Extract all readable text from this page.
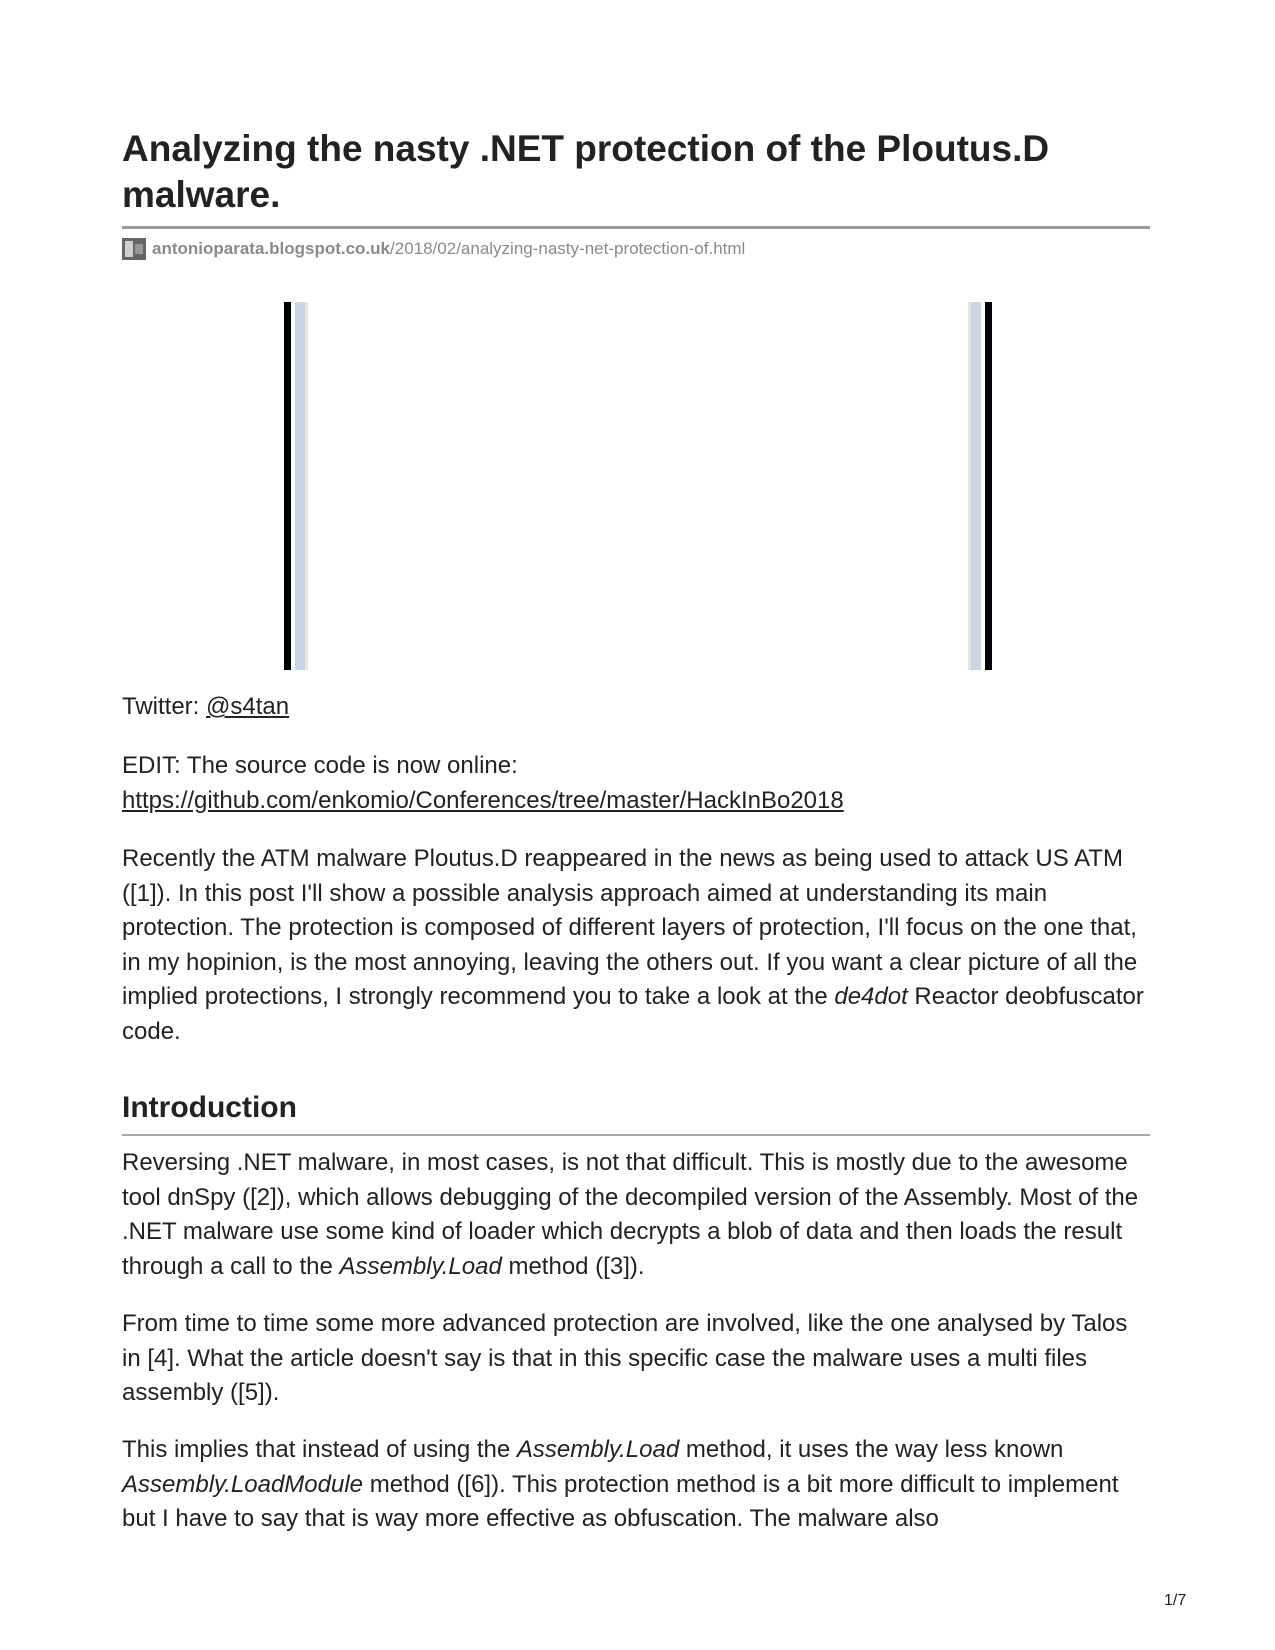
Analyzing the nasty .NET protection of the Ploutus.D malware.
antonioparata.blogspot.co.uk /2018/02/analyzing-nasty-net-protection-of.html

Twitter: @s4tan

EDIT: The source code is now online:
https://github.com/enkomio/Conferences/tree/master/HackInBo2018

Recently the ATM malware Ploutus.D reappeared in the news as being used to attack US ATM ([1]). In this post I'll show a possible analysis approach aimed at understanding its main protection. The protection is composed of different layers of protection, I'll focus on the one that, in my hopinion, is the most annoying, leaving the others out. If you want a clear picture of all the implied protections, I strongly recommend you to take a look at the de4dot Reactor deobfuscator code.

Introduction

Reversing .NET malware, in most cases, is not that difficult. This is mostly due to the awesome tool dnSpy ([2]), which allows debugging of the decompiled version of the Assembly. Most of the .NET malware use some kind of loader which decrypts a blob of data and then loads the result through a call to the Assembly.Load method ([3]).

From time to time some more advanced protection are involved, like the one analysed by Talos in [4]. What the article doesn't say is that in this specific case the malware uses a multi files assembly ([5]).

This implies that instead of using the Assembly.Load method, it uses the way less known Assembly.LoadModule method ([6]). This protection method is a bit more difficult to implement but I have to say that is way more effective as obfuscation. The malware also

1/7
